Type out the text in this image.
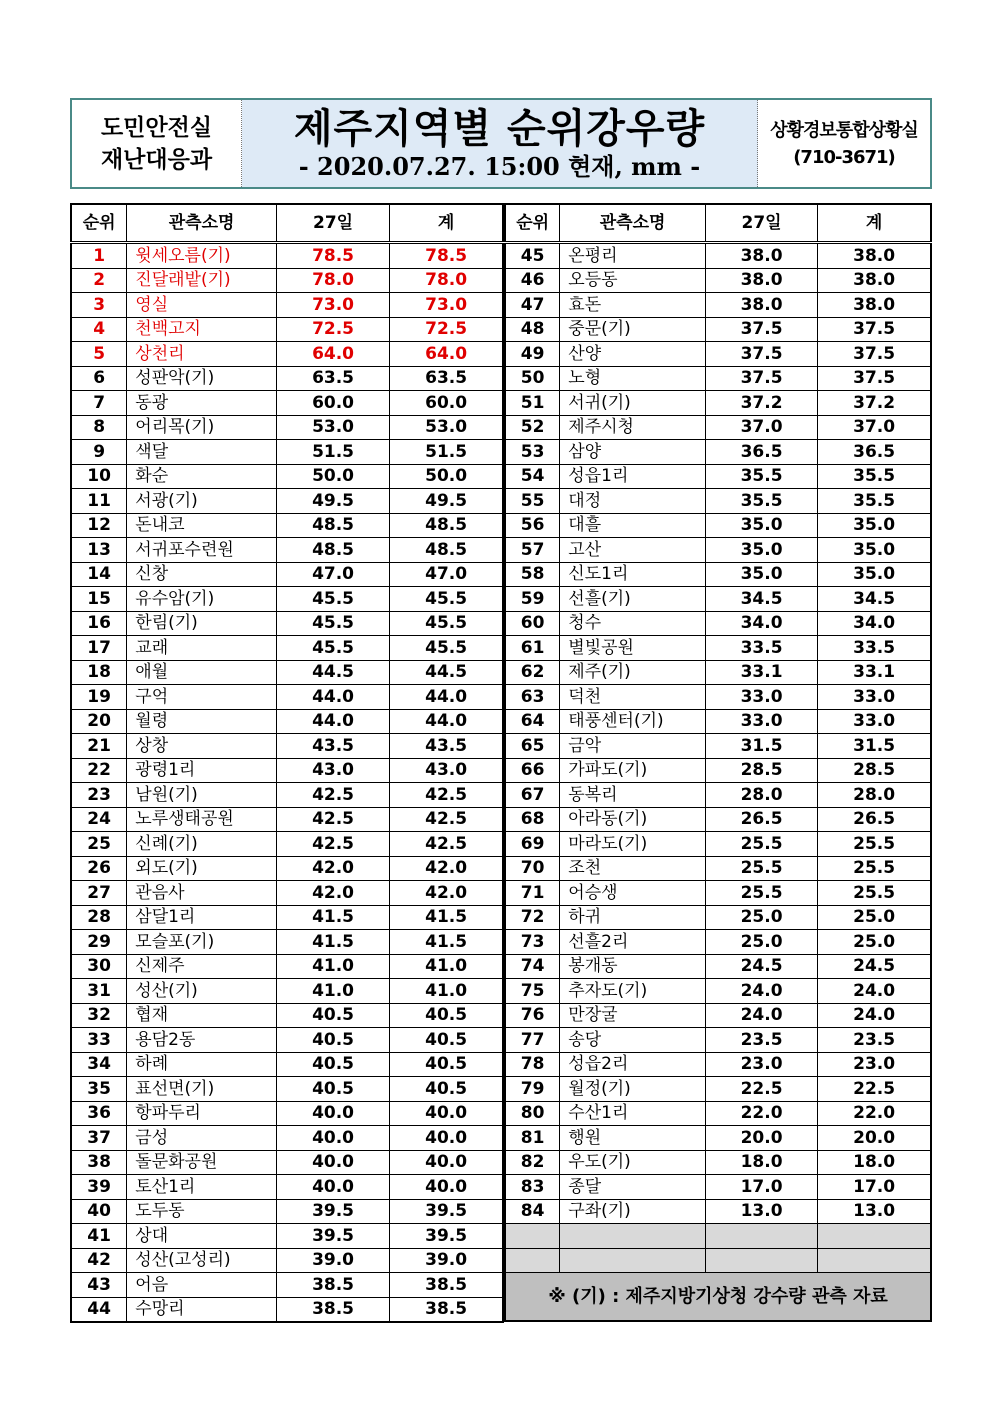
도민안전실
재난대응과
제주지역별 순위강우량
- 2020.07.27. 15:00 현재, mm -
상황경보통합상황실
(710-3671)
순위	관측소명	27일	계
1	윗세오름(기)	78.5	78.5
2	진달래밭(기)	78.0	78.0
3	영실	73.0	73.0
4	천백고지	72.5	72.5
5	상천리	64.0	64.0
6	성판악(기)	63.5	63.5
7	동광	60.0	60.0
8	어리목(기)	53.0	53.0
9	색달	51.5	51.5
10	화순	50.0	50.0
11	서광(기)	49.5	49.5
12	돈내코	48.5	48.5
13	서귀포수련원	48.5	48.5
14	신창	47.0	47.0
15	유수암(기)	45.5	45.5
16	한림(기)	45.5	45.5
17	교래	45.5	45.5
18	애월	44.5	44.5
19	구억	44.0	44.0
20	월령	44.0	44.0
21	상창	43.5	43.5
22	광령1리	43.0	43.0
23	남원(기)	42.5	42.5
24	노루생태공원	42.5	42.5
25	신례(기)	42.5	42.5
26	외도(기)	42.0	42.0
27	관음사	42.0	42.0
28	삼달1리	41.5	41.5
29	모슬포(기)	41.5	41.5
30	신제주	41.0	41.0
31	성산(기)	41.0	41.0
32	협재	40.5	40.5
33	용담2동	40.5	40.5
34	하례	40.5	40.5
35	표선면(기)	40.5	40.5
36	항파두리	40.0	40.0
37	금성	40.0	40.0
38	돌문화공원	40.0	40.0
39	토산1리	40.0	40.0
40	도두동	39.5	39.5
41	상대	39.5	39.5
42	성산(고성리)	39.0	39.0
43	어음	38.5	38.5
44	수망리	38.5	38.5
순위	관측소명	27일	계
45	온평리	38.0	38.0
46	오등동	38.0	38.0
47	효돈	38.0	38.0
48	중문(기)	37.5	37.5
49	산양	37.5	37.5
50	노형	37.5	37.5
51	서귀(기)	37.2	37.2
52	제주시청	37.0	37.0
53	삼양	36.5	36.5
54	성읍1리	35.5	35.5
55	대정	35.5	35.5
56	대흘	35.0	35.0
57	고산	35.0	35.0
58	신도1리	35.0	35.0
59	선흘(기)	34.5	34.5
60	청수	34.0	34.0
61	별빛공원	33.5	33.5
62	제주(기)	33.1	33.1
63	덕천	33.0	33.0
64	태풍센터(기)	33.0	33.0
65	금악	31.5	31.5
66	가파도(기)	28.5	28.5
67	동복리	28.0	28.0
68	아라동(기)	26.5	26.5
69	마라도(기)	25.5	25.5
70	조천	25.5	25.5
71	어승생	25.5	25.5
72	하귀	25.0	25.0
73	선흘2리	25.0	25.0
74	봉개동	24.5	24.5
75	추자도(기)	24.0	24.0
76	만장굴	24.0	24.0
77	송당	23.5	23.5
78	성읍2리	23.0	23.0
79	월정(기)	22.5	22.5
80	수산1리	22.0	22.0
81	행원	20.0	20.0
82	우도(기)	18.0	18.0
83	종달	17.0	17.0
84	구좌(기)	13.0	13.0

※ (기) : 제주지방기상청 강수량 관측 자료			
